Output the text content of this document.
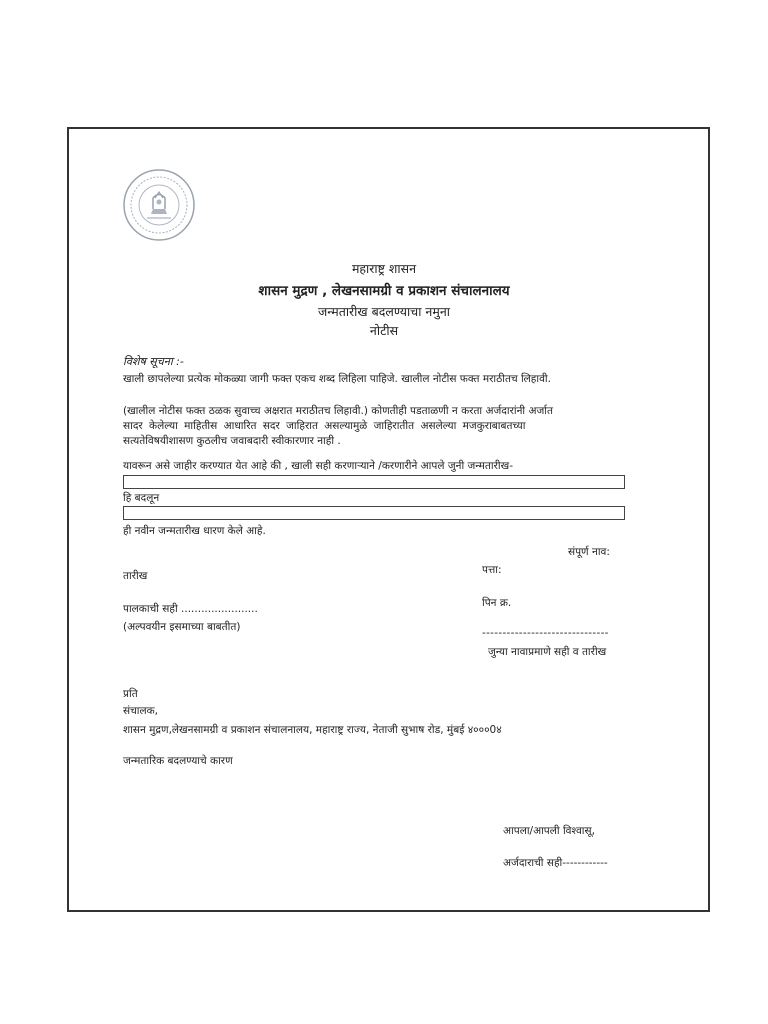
महाराष्ट्र शासन
शासन मुद्रण , लेखनसामग्री व प्रकाशन संचालनालय
जन्मतारीख बदलण्याचा नमुना
नोटीस
विशेष सूचना :-
खाली छापलेल्या प्रत्येक मोकळ्या जागी फक्त एकच शब्द लिहिला पाहिजे. खालील नोटीस फक्त मराठीतच लिहावी.
(खालील नोटीस फक्त ठळक सुवाच्च अक्षरात मराठीतच लिहावी.) कोणतीही पडताळणी न करता अर्जदारांनी अर्जात
सादर केलेल्या माहितीस आधारित सदर जाहिरात असल्यामुळे जाहिरातीत असलेल्या मजकुराबाबतच्या
सत्यतेविषयीशासण कुठलीच जवाबदारी स्वीकारणार नाही .
यावरून असे जाहीर करण्यात येत आहे की , खाली सही करणाऱ्याने /करणारीने आपले जुनी जन्मतारीख-
हि बदलून
ही नवीन जन्मतारीख धारण केले आहे.
संपूर्ण नाव:
पत्ता:
तारीख
पिन क्र.
पालकाची सही .......................
(अल्पवयीन इसमाच्या बाबतीत)	-------------------------------
जुन्या नावाप्रमाणे सही व तारीख
प्रति
संचालक,
शासन मुद्रण,लेखनसामग्री व प्रकाशन संचालनालय, महाराष्ट्र राज्य, नेताजी सुभाष रोड, मुंबई ४०००0४
जन्मतारिक बदलण्याचे कारण
आपला/आपली विश्वासू,
अर्जदाराची सही------------
